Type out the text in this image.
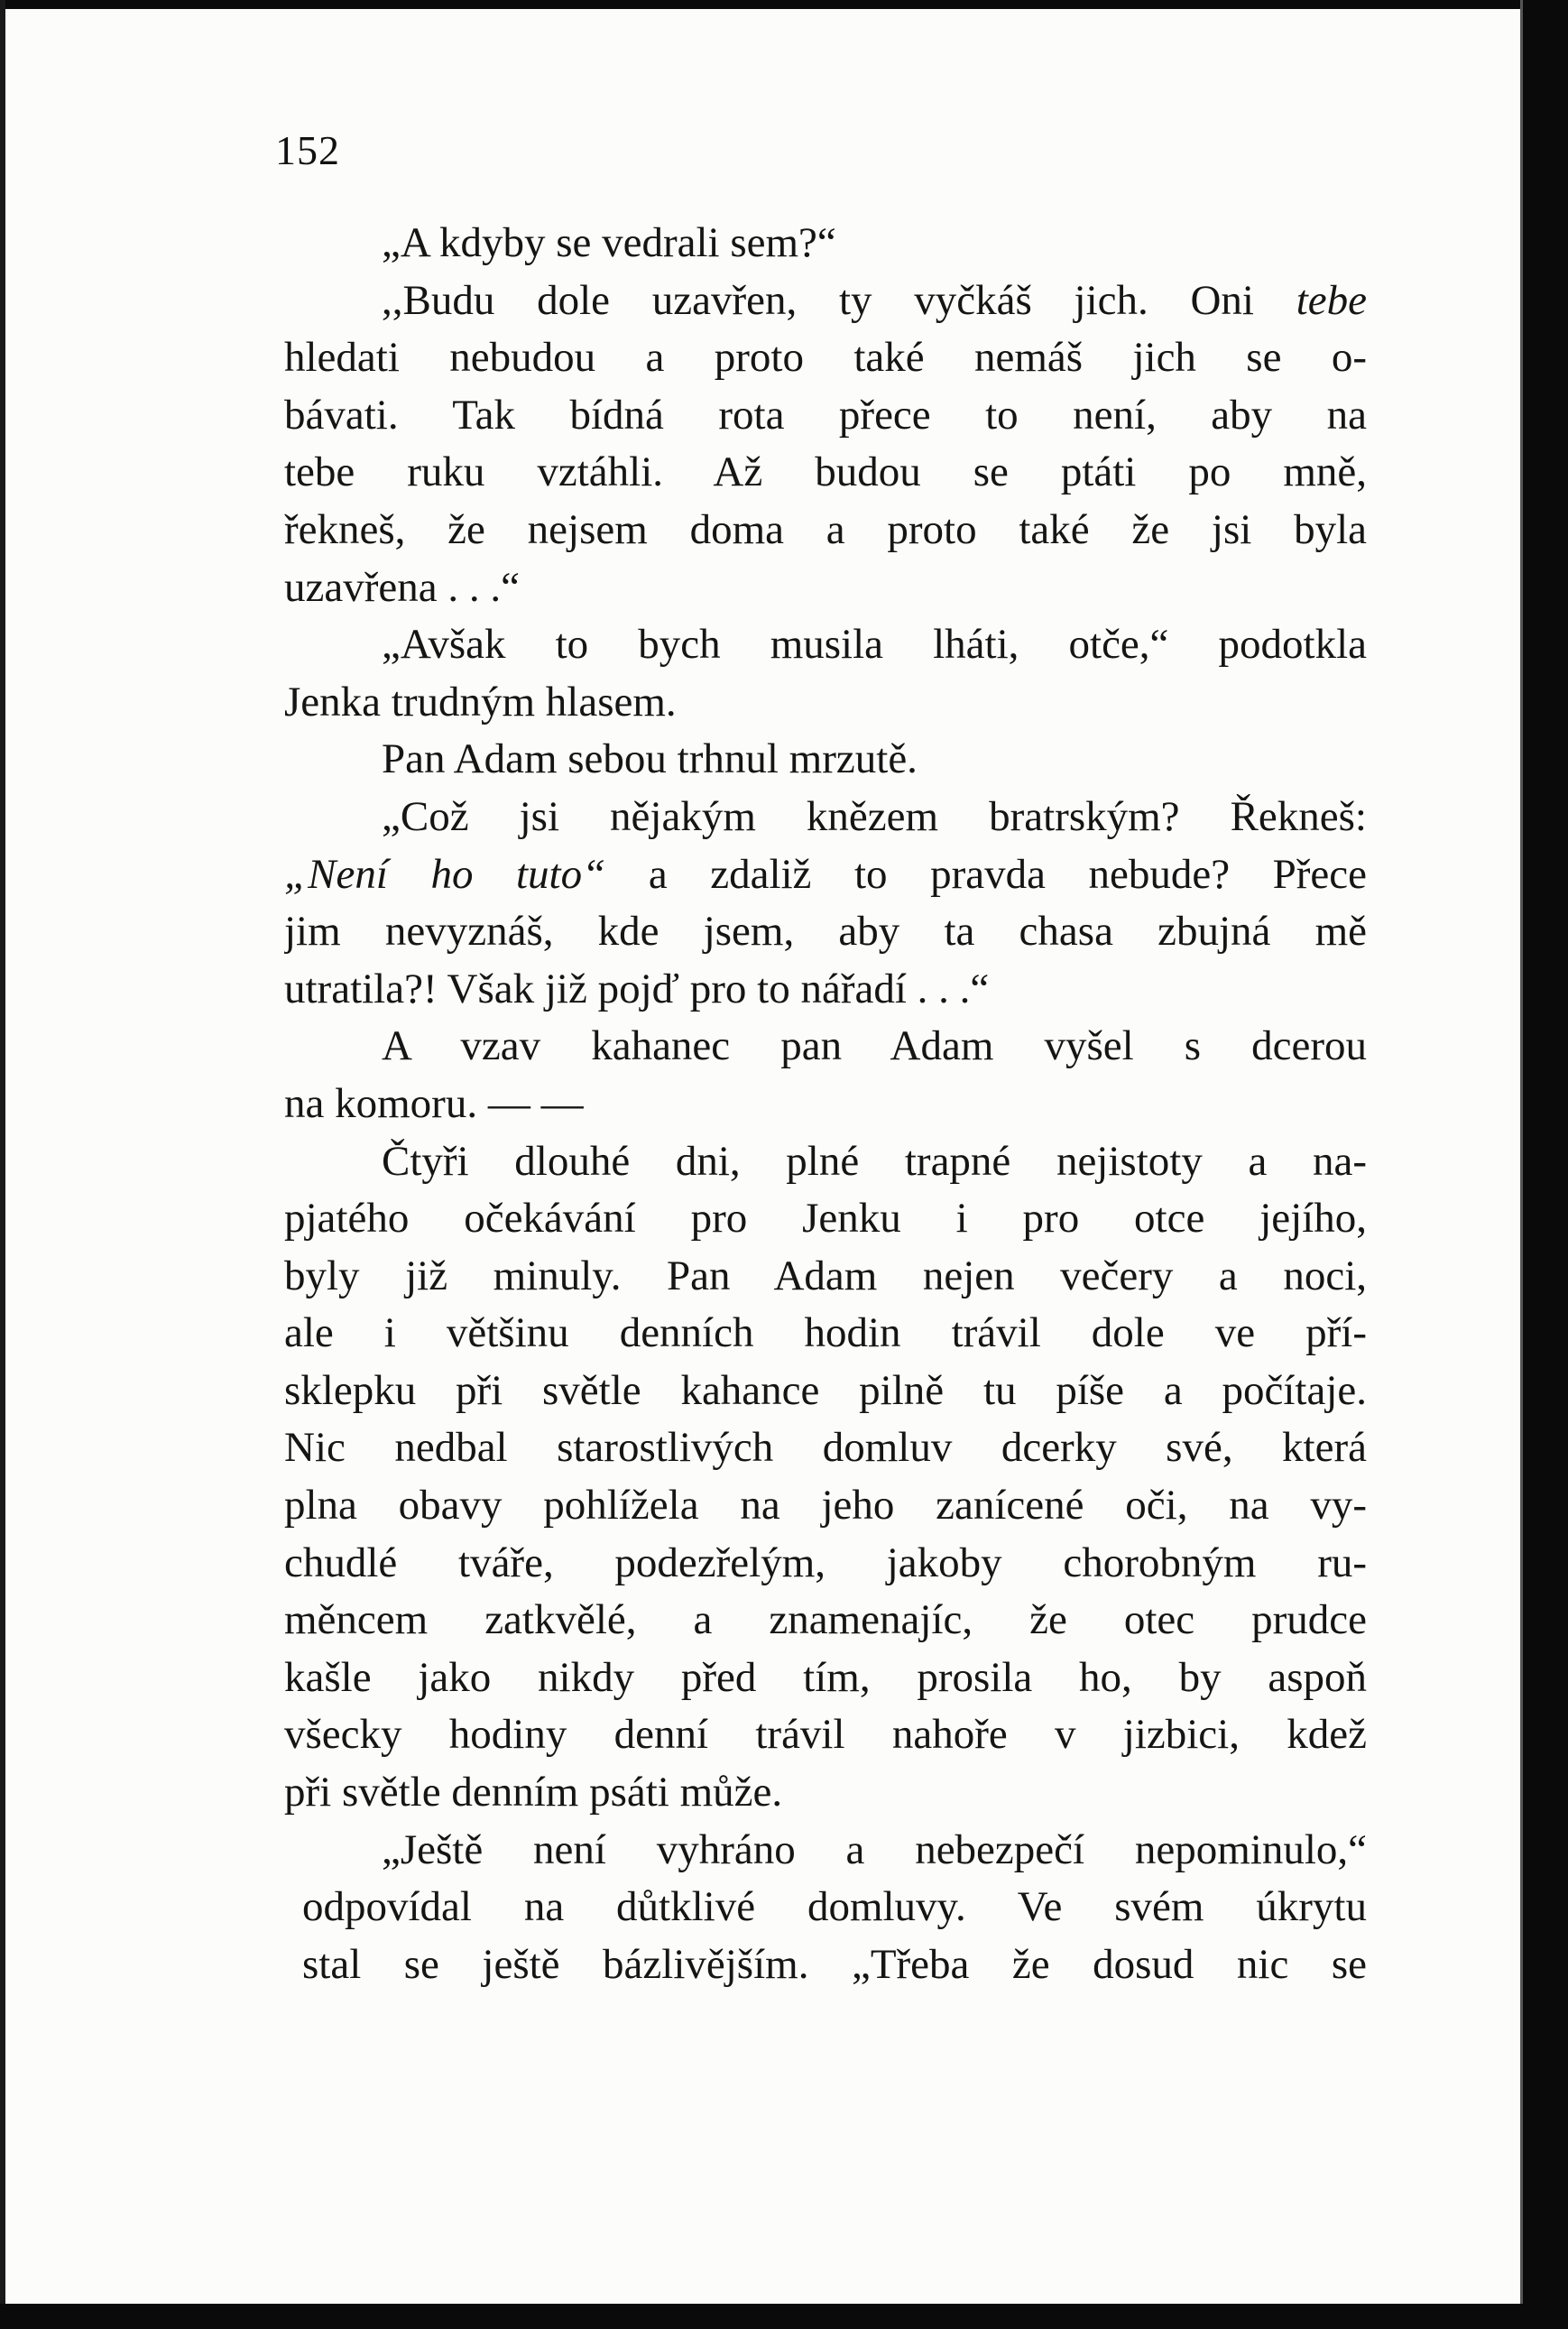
152
„A kdyby se vedrali sem?“
,,Budu dole uzavřen, ty vyčkáš jich. Oni tebe
hledati nebudou a proto také nemáš jich se o-
bávati. Tak bídná rota přece to není, aby na
tebe ruku vztáhli. Až budou se ptáti po mně,
řekneš, že nejsem doma a proto také že jsi byla
uzavřena . . .“
„Avšak to bych musila lháti, otče,“ podotkla
Jenka trudným hlasem.
Pan Adam sebou trhnul mrzutě.
„Což jsi nějakým knězem bratrským? Řekneš:
„Není ho tuto“ a zdaliž to pravda nebude? Přece
jim nevyznáš, kde jsem, aby ta chasa zbujná mě
utratila?! Však již pojď pro to nářadí . . .“
A vzav kahanec pan Adam vyšel s dcerou
na komoru. — —
Čtyři dlouhé dni, plné trapné nejistoty a na-
pjatého očekávání pro Jenku i pro otce jejího,
byly již minuly. Pan Adam nejen večery a noci,
ale i většinu denních hodin trávil dole ve pří-
sklepku při světle kahance pilně tu píše a počítaje.
Nic nedbal starostlivých domluv dcerky své, která
plna obavy pohlížela na jeho zanícené oči, na vy-
chudlé tváře, podezřelým, jakoby chorobným ru-
měncem zatkvělé, a znamenajíc, že otec prudce
kašle jako nikdy před tím, prosila ho, by aspoň
všecky hodiny denní trávil nahoře v jizbici, kdež
při světle denním psáti může.
„Ještě není vyhráno a nebezpečí nepominulo,“
odpovídal na důtklivé domluvy. Ve svém úkrytu
stal se ještě bázlivějším. „Třeba že dosud nic se
